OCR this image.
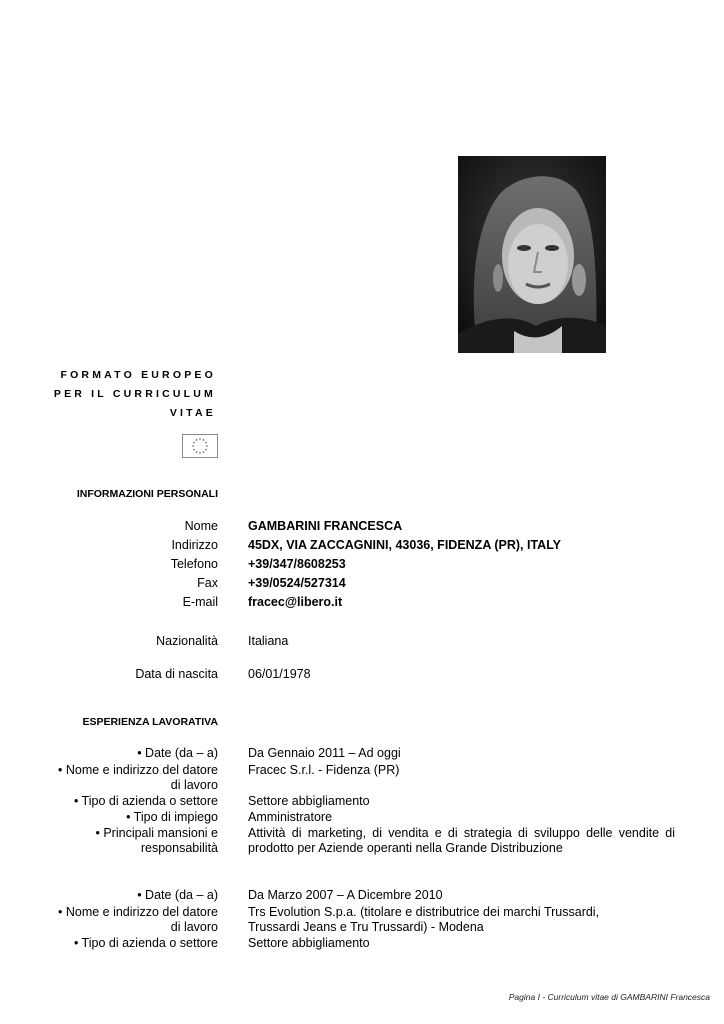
FORMATO EUROPEO
PER IL CURRICULUM
VITAE
INFORMAZIONI PERSONALI
Nome GAMBARINI FRANCESCA
Indirizzo 45DX, VIA ZACCAGNINI, 43036, FIDENZA (PR), ITALY
Telefono +39/347/8608253
Fax +39/0524/527314
E-mail fracec@libero.it
Nazionalità Italiana
Data di nascita 06/01/1978
ESPERIENZA LAVORATIVA
• Date (da – a) Da Gennaio 2011 – Ad oggi
• Nome e indirizzo del datore
di lavoro
Fracec S.r.l. - Fidenza (PR)
• Tipo di azienda o settore Settore abbigliamento
• Tipo di impiego Amministratore
• Principali mansioni e
responsabilità
Attività di marketing, di vendita e di strategia di sviluppo delle vendite di prodotto per Aziende operanti nella Grande Distribuzione
• Date (da – a) Da Marzo 2007 – A Dicembre 2010
• Nome e indirizzo del datore
di lavoro
Trs Evolution S.p.a. (titolare e distributrice dei marchi Trussardi,
Trussardi Jeans e Tru Trussardi) - Modena
• Tipo di azienda o settore Settore abbigliamento
Pagina I - Curriculum vitae di GAMBARINI Francesca
